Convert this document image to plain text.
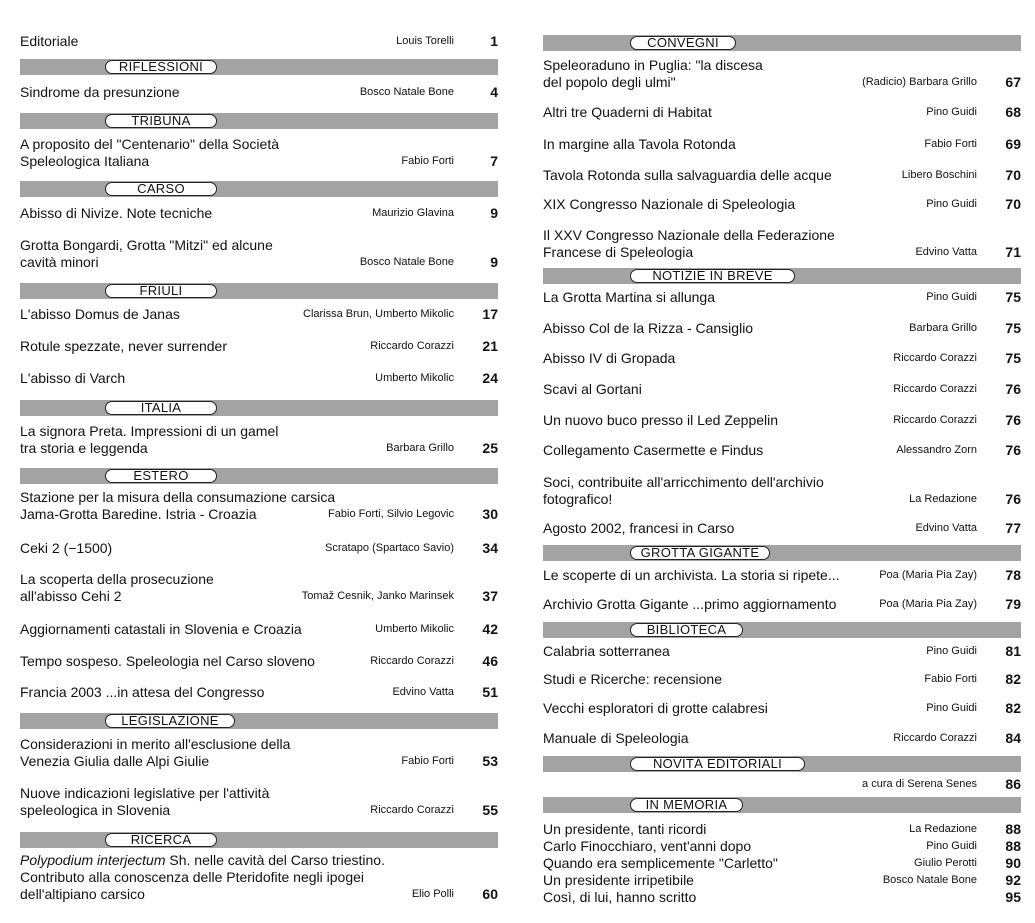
Editoriale	Louis Torelli	1
RIFLESSIONI
Sindrome da presunzione	Bosco Natale Bone	4
TRIBUNA
A proposito del "Centenario" della Società
Speleologica Italiana	Fabio Forti	7
CARSO
Abisso di Nivize. Note tecniche	Maurizio Glavina	9
Grotta Bongardi, Grotta "Mitzi" ed alcune
cavità minori	Bosco Natale Bone	9
FRIULI
L'abisso Domus de Janas	Clarissa Brun, Umberto Mikolic	17
Rotule spezzate, never surrender	Riccardo Corazzi	21
L'abisso di Varch	Umberto Mikolic	24
ITALIA
La signora Preta. Impressioni di un gamel
tra storia e leggenda	Barbara Grillo	25
ESTERO
Stazione per la misura della consumazione carsica
Jama-Grotta Baredine. Istria - Croazia	Fabio Forti, Silvio Legovic	30
Ceki 2 (−1500)	Scratapo (Spartaco Savio)	34
La scoperta della prosecuzione
all'abisso Cehi 2	Tomaž Cesnik, Janko Marinsek	37
Aggiornamenti catastali in Slovenia e Croazia	Umberto Mikolic	42
Tempo sospeso. Speleologia nel Carso sloveno	Riccardo Corazzi	46
Francia 2003 ...in attesa del Congresso	Edvino Vatta	51
LEGISLAZIONE
Considerazioni in merito all'esclusione della
Venezia Giulia dalle Alpi Giulie	Fabio Forti	53
Nuove indicazioni legislative per l'attività
speleologica in Slovenia	Riccardo Corazzi	55
RICERCA
Polypodium interjectum Sh. nelle cavità del Carso triestino.
Contributo alla conoscenza delle Pteridofite negli ipogei
dell'altipiano carsico	Elio Polli	60
CONVEGNI
Speleoraduno in Puglia: "la discesa
del popolo degli ulmi"	(Radicio) Barbara Grillo	67
Altri tre Quaderni di Habitat	Pino Guidi	68
In margine alla Tavola Rotonda	Fabio Forti	69
Tavola Rotonda sulla salvaguardia delle acque	Libero Boschini	70
XIX Congresso Nazionale di Speleologia	Pino Guidi	70
Il XXV Congresso Nazionale della Federazione
Francese di Speleologia	Edvino Vatta	71
NOTIZIE IN BREVE
La Grotta Martina si allunga	Pino Guidi	75
Abisso Col de la Rizza - Cansiglio	Barbara Grillo	75
Abisso IV di Gropada	Riccardo Corazzi	75
Scavi al Gortani	Riccardo Corazzi	76
Un nuovo buco presso il Led Zeppelin	Riccardo Corazzi	76
Collegamento Casermette e Findus	Alessandro Zorn	76
Soci, contribuite all'arricchimento dell'archivio
fotografico!	La Redazione	76
Agosto 2002, francesi in Carso	Edvino Vatta	77
GROTTA GIGANTE
Le scoperte di un archivista. La storia si ripete...	Poa (Maria Pia Zay)	78
Archivio Grotta Gigante ...primo aggiornamento	Poa (Maria Pia Zay)	79
BIBLIOTECA
Calabria sotterranea	Pino Guidi	81
Studi e Ricerche: recensione	Fabio Forti	82
Vecchi esploratori di grotte calabresi	Pino Guidi	82
Manuale di Speleologia	Riccardo Corazzi	84
NOVITÀ EDITORIALI
a cura di Serena Senes	86
IN MEMORIA
Un presidente, tanti ricordi	La Redazione	88
Carlo Finocchiaro, vent'anni dopo	Pino Guidi	88
Quando era semplicemente "Carletto"	Giulio Perotti	90
Un presidente irripetibile	Bosco Natale Bone	92
Così, di lui, hanno scritto	95
